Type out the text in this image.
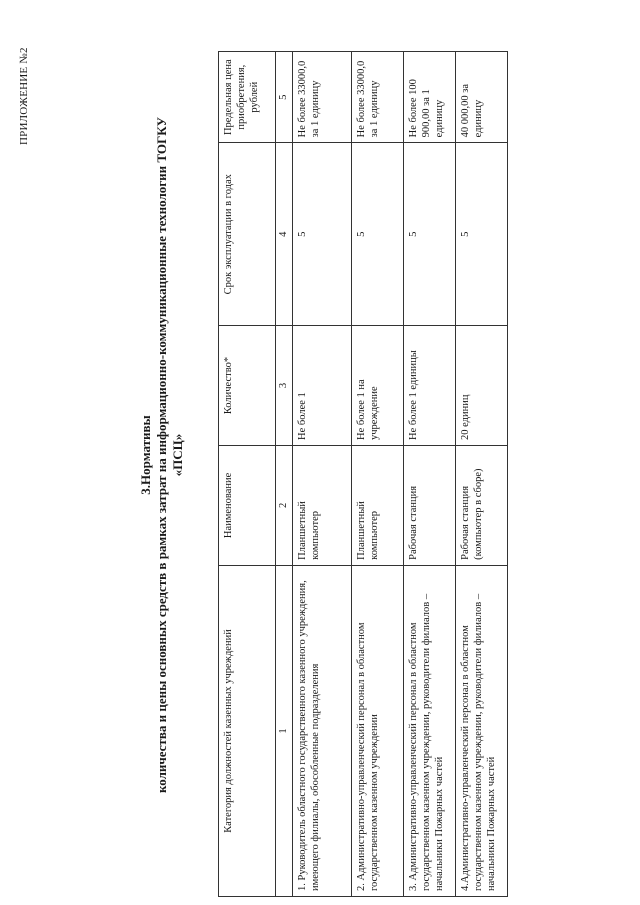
ПРИЛОЖЕНИЕ №2
3.Нормативы количества и цены основных средств в рамках затрат на информационно-коммуникационные технологии ТОГКУ «ПСЦ»
Категория должностей казенных учреждений	Наименование	Количество*	Срок эксплуатации в годах	Предельная цена приобретения, рублей
1	2	3	4	5
1. Руководитель областного государственного казенного учреждения, имеющего филиалы, обособленные подразделения	Планшетный компьютер	Не более 1	5	Не более 33000,0 за 1 единицу
2. Административно-управленческий персонал в областном государственном казенном учреждении	Планшетный компьютер	Не более 1 на учреждение	5	Не более 33000,0 за 1 единицу
3. Административно-управленческий персонал в областном государственном казенном учреждении, руководители филиалов – начальники Пожарных частей	Рабочая станция	Не более 1 единицы	5	Не более 100 900,00 за 1 единицу
4.Административно-управленческий персонал в областном государственном казенном учреждении, руководители филиалов – начальники Пожарных частей	Рабочая станция (компьютер в сборе)	20 единиц	5	40 000,00 за единицу
